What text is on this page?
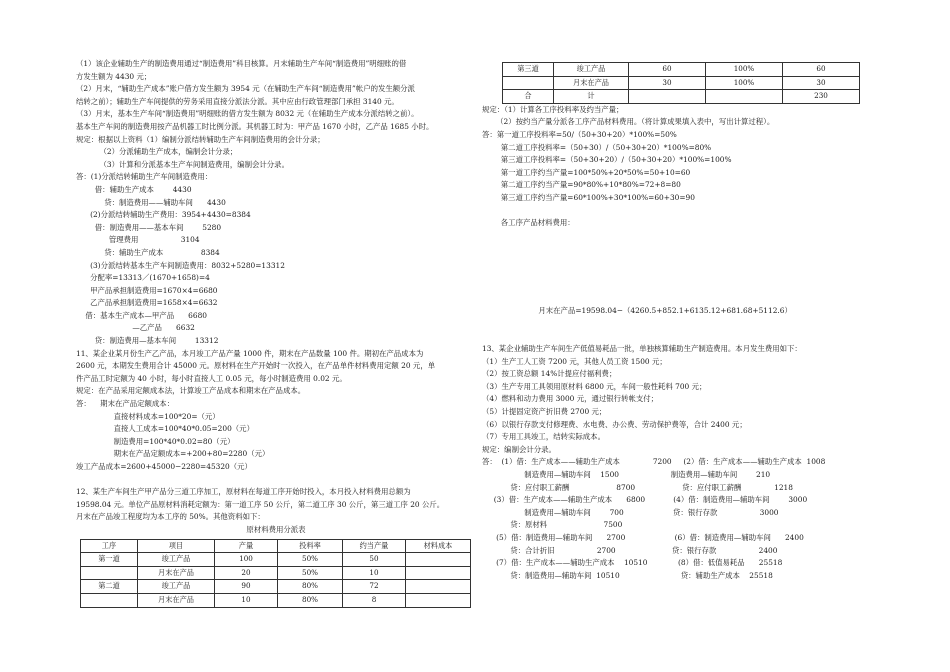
（1）该企业辅助生产的制造费用通过“制造费用”科目核算。月末辅助生产车间“制造费用”明细账的借
方发生额为 4430 元；
（2）月末，“辅助生产成本”账户借方发生额为 3954 元（在辅助生产车间“制造费用”帐户的发生额分派
结转之前）；辅助生产车间提供的劳务采用直接分派法分派。其中应由行政管理部门承担 3140 元。
（3）月末，基本生产车间“制造费用”明细账的借方发生额为 8032 元（在辅助生产成本分派结转之前）。
基本生产车间的制造费用按产品机器工时比例分派。其机器工时为：甲产品 1670 小时，乙产品 1685 小时。
规定：根据以上资料（1）编制分派结转辅助生产车间制造费用的会计分录；
（2）分派辅助生产成本，编制会计分录；
（3）计算和分派基本生产车间制造费用，编制会计分录。
答：(1)分派结转辅助生产车间制造费用：
借：辅助生产成本        4430
贷：制造费用——辅助车间      4430
(2)分派结转辅助生产费用：3954+4430=8384
借：制造费用——基本车间        5280
管理费用                  3104
贷：辅助生产成本                8384
(3)分派结转基本生产车间制造费用：8032+5280=13312
分配率=13313／(1670+1658)=4
甲产品承担制造费用=1670×4=6680
乙产品承担制造费用=1658×4=6632
借：基本生产成本—甲产品      6680
—乙产品      6632
贷：制造费用—基本车间        13312
11、某企业某月份生产乙产品，本月竣工产品产量 1000 件，期末在产品数量 100 件。期初在产品成本为
2600 元，本期发生费用合计 45000 元。原材料在生产开始时一次投入，在产品单件材料费用定额 20 元，单
件产品工时定额为 40 小时，每小时直接人工 0.05 元，每小时制造费用 0.02 元。
规定：在产品采用定额成本法，计算竣工产品成本和期末在产品成本。
答：    期末在产品定额成本：
直接材料成本=100*20=（元）
直接人工成本=100*40*0.05=200（元）
制造费用=100*40*0.02=80（元）
期末在产品定额成本=+200+80=2280（元）
竣工产品成本=2600+45000−2280=45320（元）
12、某生产车间生产甲产品分三道工序加工，原材料在每道工序开始时投入，本月投入材料费用总额为
19598.04 元。单位产品原材料消耗定额为：第一道工序 50 公斤，第二道工序 30 公斤，第三道工序 20 公斤。
月末在产品竣工程度均为本工序的 50%。其他资料如下：
原材料费用分派表
工序	项目	产量	投料率	约当产量	材料成本
第一道	竣工产品	100	50%	50	
	月末在产品	20	50%	10	
第二道	竣工产品	90	80%	72	
	月末在产品	10	80%	8	
第三道	竣工产品	60	100%	60
	月末在产品	30	100%	30
合	计			230
规定：（1）计算各工序投料率及约当产量；
（2）按约当产量分派各工序产品材料费用。（将计算成果填入表中，写出计算过程）。
答：第一道工序投料率=50/（50+30+20）*100%=50%
第二道工序投料率=（50+30）/（50+30+20）*100%=80%
第三道工序投料率=（50+30+20）/（50+30+20）*100%=100%
第一道工序约当产量=100*50%+20*50%=50+10=60
第二道工序约当产量=90*80%+10*80%=72+8=80
第三道工序约当产量=60*100%+30*100%=60+30=90
各工序产品材料费用：
月末在产品=19598.04−（4260.5+852.1+6135.12+681.68+5112.6）
13、某企业辅助生产车间生产低值易耗品一批，单独核算辅助生产制造费用。本月发生费用如下：
（1）生产工人工资 7200 元，其他人员工资 1500 元；
（2）按工资总额 14%计提应付福利费；
（3）生产专用工具领用原材料 6800 元，车间一般性耗料 700 元；
（4）燃料和动力费用 3000 元，通过银行转帐支付；
（5）计提固定资产折旧费 2700 元；
（6）以银行存款支付修理费、水电费、办公费、劳动保护费等，合计 2400 元；
（7）专用工具竣工，结转实际成本。
规定：编制会计分录。
答：  (1）借：生产成本——辅助生产成本              7200     (2）借：生产成本——辅助生产成本  1008
制造费用—辅助车间    1500                      制造费用—辅助车间        210
贷：应付职工薪酬                    8700                    贷：应付职工薪酬              1218
(3）借：生产成本——辅助生产成本      6800            (4）借：制造费用—辅助车间        3000
制造费用—辅助车间        700                     贷：银行存款                  3000
贷：原材料                        7500
(5）借：制造费用—辅助车间      2700                     (6）借：制造费用—辅助车间      2400
贷：合计折旧                  2700                        贷：银行存款                  2400
(7）借：生产成本——辅助生产成本    10510             (8）借：低值易耗品      25518
贷：制造费用—辅助车间  10510                          贷：辅助生产成本    25518
